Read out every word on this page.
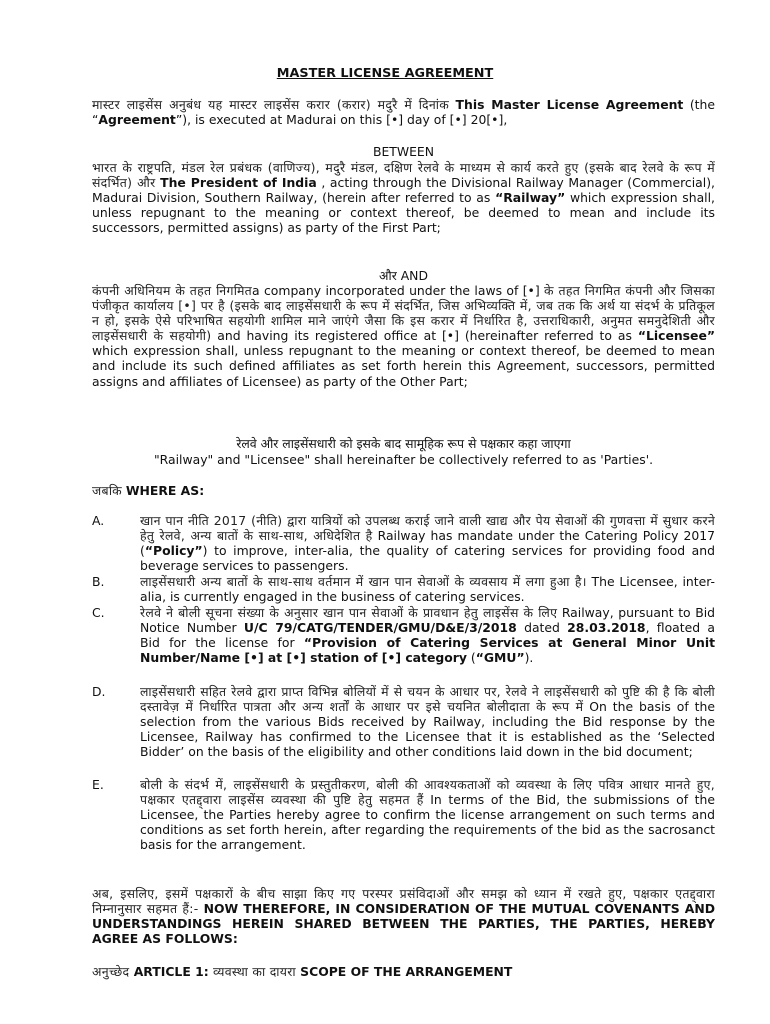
MASTER LICENSE AGREEMENT
मास्टर लाइसेंस अनुबंध यह मास्टर लाइसेंस करार (करार) मदुरै में दिनांक This Master License Agreement (the “Agreement”), is executed at Madurai on this [•] day of [•] 20[•],
BETWEEN
भारत के राष्ट्रपति, मंडल रेल प्रबंधक (वाणिज्य), मदुरै मंडल, दक्षिण रेलवे के माध्यम से कार्य करते हुए (इसके बाद रेलवे के रूप में संदर्भित) और The President of India , acting through the Divisional Railway Manager (Commercial), Madurai Division, Southern Railway, (herein after referred to as “Railway” which expression shall, unless repugnant to the meaning or context thereof, be deemed to mean and include its successors, permitted assigns) as party of the First Part;
और AND
कंपनी अधिनियम के तहत निगमितa company incorporated under the laws of [•] के तहत निगमित कंपनी और जिसका पंजीकृत कार्यालय [•] पर है (इसके बाद लाइसेंसधारी के रूप में संदर्भित, जिस अभिव्यक्ति में, जब तक कि अर्थ या संदर्भ के प्रतिकूल न हो, इसके ऐसे परिभाषित सहयोगी शामिल माने जाएंगे जैसा कि इस करार में निर्धारित है, उत्तराधिकारी, अनुमत समनुदेशिती और लाइसेंसधारी के सहयोगी) and having its registered office at [•] (hereinafter referred to as “Licensee” which expression shall, unless repugnant to the meaning or context thereof, be deemed to mean and include its such defined affiliates as set forth herein this Agreement, successors, permitted assigns and affiliates of Licensee) as party of the Other Part;
रेलवे और लाइसेंसधारी को इसके बाद सामूहिक रूप से पक्षकार कहा जाएगा
"Railway" and "Licensee" shall hereinafter be collectively referred to as 'Parties'.
जबकि WHERE AS:
A.	खान पान नीति 2017 (नीति) द्वारा यात्रियों को उपलब्ध कराई जाने वाली खाद्य और पेय सेवाओं की गुणवत्ता में सुधार करने हेतु रेलवे, अन्य बातों के साथ-साथ, अधिदेशित है Railway has mandate under the Catering Policy 2017 (“Policy”) to improve, inter-alia, the quality of catering services for providing food and beverage services to passengers.
B.	लाइसेंसधारी अन्य बातों के साथ-साथ वर्तमान में खान पान सेवाओं के व्यवसाय में लगा हुआ है। The Licensee, inter-alia, is currently engaged in the business of catering services.
C.	रेलवे ने बोली सूचना संख्या के अनुसार खान पान सेवाओं के प्रावधान हेतु लाइसेंस के लिए Railway, pursuant to Bid Notice Number U/C 79/CATG/TENDER/GMU/D&E/3/2018 dated 28.03.2018, floated a Bid for the license for “Provision of Catering Services at General Minor Unit Number/Name [•] at [•] station of [•] category (“GMU”).
D.	लाइसेंसधारी सहित रेलवे द्वारा प्राप्त विभिन्न बोलियों में से चयन के आधार पर, रेलवे ने लाइसेंसधारी को पुष्टि की है कि बोली दस्तावेज़ में निर्धारित पात्रता और अन्य शर्तों के आधार पर इसे चयनित बोलीदाता के रूप में On the basis of the selection from the various Bids received by Railway, including the Bid response by the Licensee, Railway has confirmed to the Licensee that it is established as the ‘Selected Bidder’ on the basis of the eligibility and other conditions laid down in the bid document;
E.	बोली के संदर्भ में, लाइसेंसधारी के प्रस्तुतीकरण, बोली की आवश्यकताओं को व्यवस्था के लिए पवित्र आधार मानते हुए, पक्षकार एतद्द्वारा लाइसेंस व्यवस्था की पुष्टि हेतु सहमत हैं In terms of the Bid, the submissions of the Licensee, the Parties hereby agree to confirm the license arrangement on such terms and conditions as set forth herein, after regarding the requirements of the bid as the sacrosanct basis for the arrangement.
अब, इसलिए, इसमें पक्षकारों के बीच साझा किए गए परस्पर प्रसंविदाओं और समझ को ध्यान में रखते हुए, पक्षकार एतद्द्वारा निम्नानुसार सहमत हैं:- NOW THEREFORE, IN CONSIDERATION OF THE MUTUAL COVENANTS AND UNDERSTANDINGS HEREIN SHARED BETWEEN THE PARTIES, THE PARTIES, HEREBY AGREE AS FOLLOWS:
अनुच्छेद ARTICLE 1: व्यवस्था का दायरा SCOPE OF THE ARRANGEMENT
